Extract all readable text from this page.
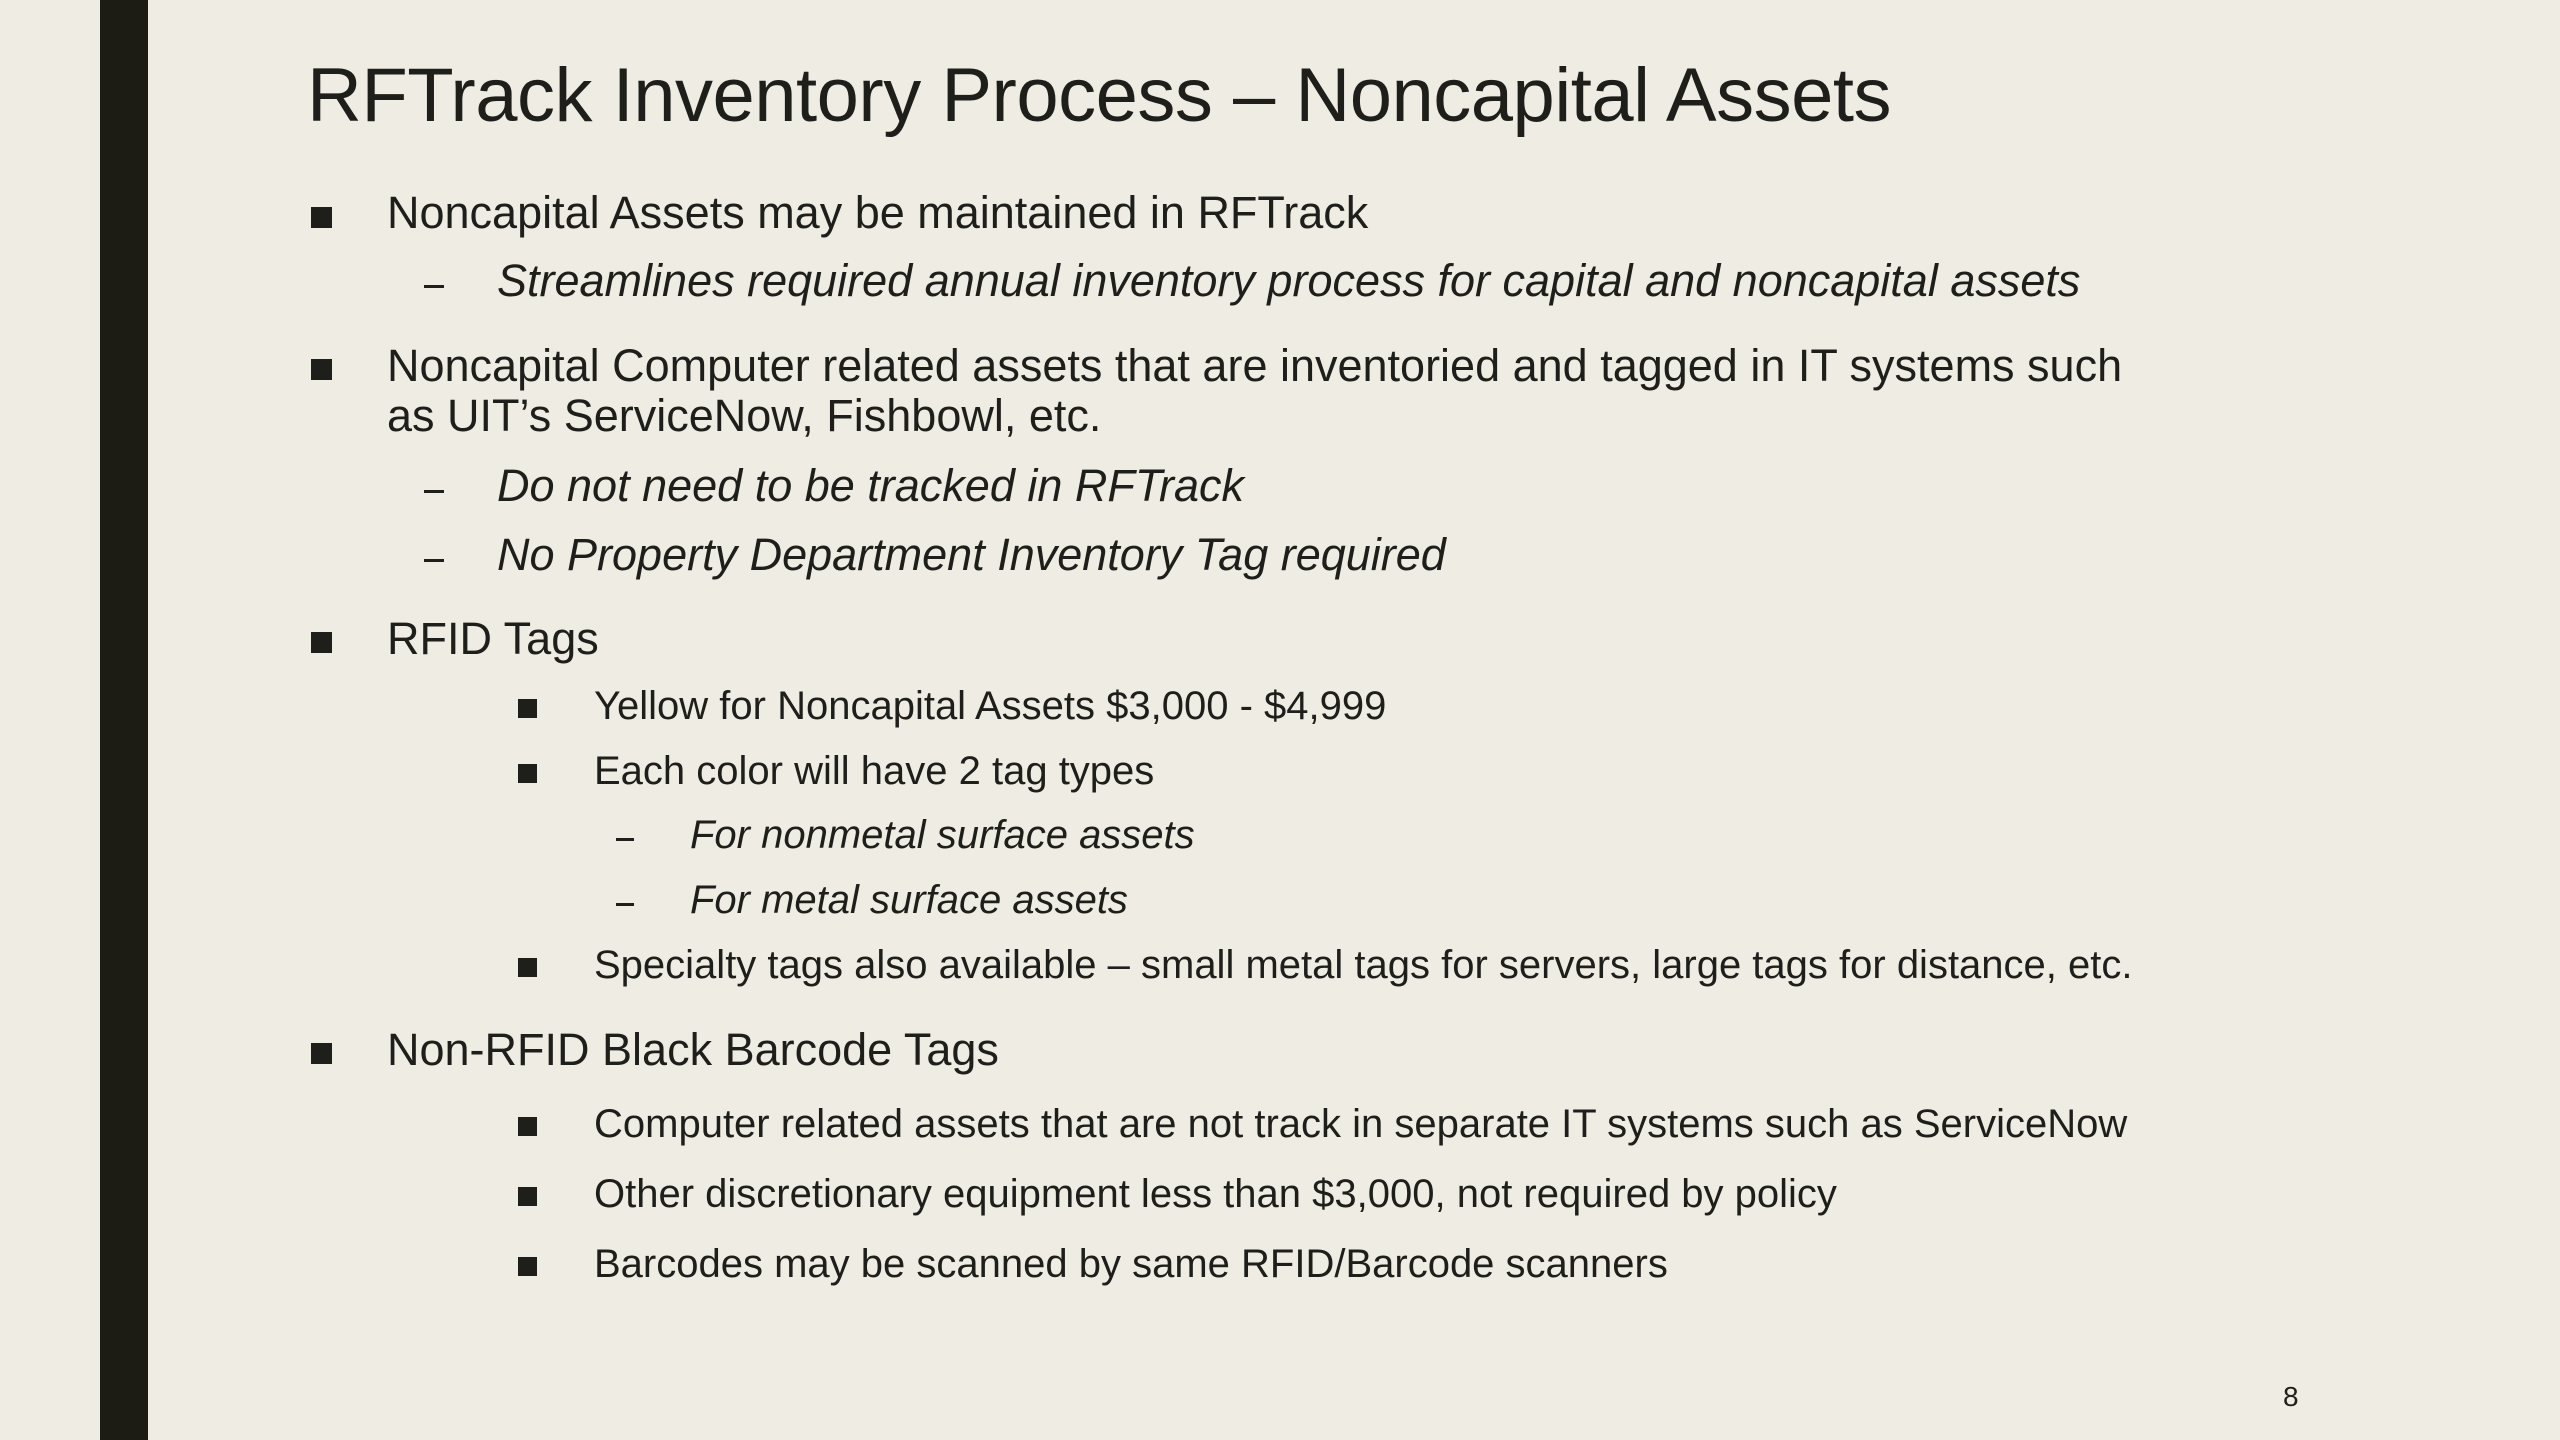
RFTrack Inventory Process – Noncapital Assets
Noncapital Assets may be maintained in RFTrack
Streamlines required annual inventory process for capital and noncapital assets
Noncapital Computer related assets that are inventoried and tagged in IT systems such
as UIT’s ServiceNow, Fishbowl, etc.
Do not need to be tracked in RFTrack
No Property Department Inventory Tag required
RFID Tags
Yellow for Noncapital Assets $3,000 - $4,999
Each color will have 2 tag types
For nonmetal surface assets
For metal surface assets
Specialty tags also available – small metal tags for servers, large tags for distance, etc.
Non-RFID Black Barcode Tags
Computer related assets that are not track in separate IT systems such as ServiceNow
Other discretionary equipment less than $3,000, not required by policy
Barcodes may be scanned by same RFID/Barcode scanners
8
